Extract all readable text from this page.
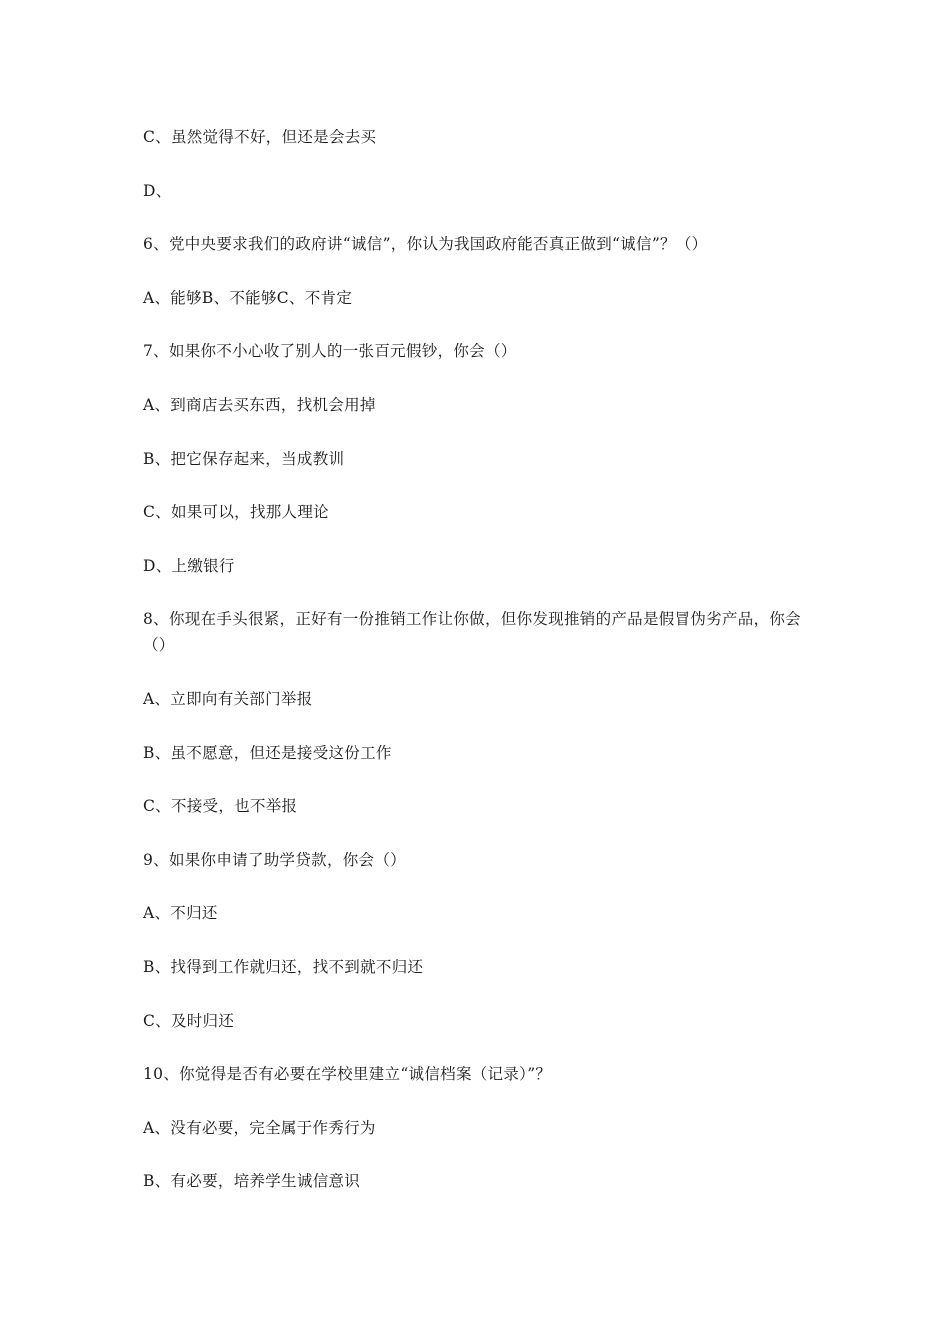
C、虽然觉得不好，但还是会去买
D、
6、党中央要求我们的政府讲“诚信”，你认为我国政府能否真正做到“诚信”？（）
A、能够B、不能够C、不肯定
7、如果你不小心收了别人的一张百元假钞，你会（）
A、到商店去买东西，找机会用掉
B、把它保存起来，当成教训
C、如果可以，找那人理论
D、上缴银行
8、你现在手头很紧，正好有一份推销工作让你做，但你发现推销的产品是假冒伪劣产品，你会（）
A、立即向有关部门举报
B、虽不愿意，但还是接受这份工作
C、不接受，也不举报
9、如果你申请了助学贷款，你会（）
A、不归还
B、找得到工作就归还，找不到就不归还
C、及时归还
10、你觉得是否有必要在学校里建立“诚信档案（记录）”？
A、没有必要，完全属于作秀行为
B、有必要，培养学生诚信意识
